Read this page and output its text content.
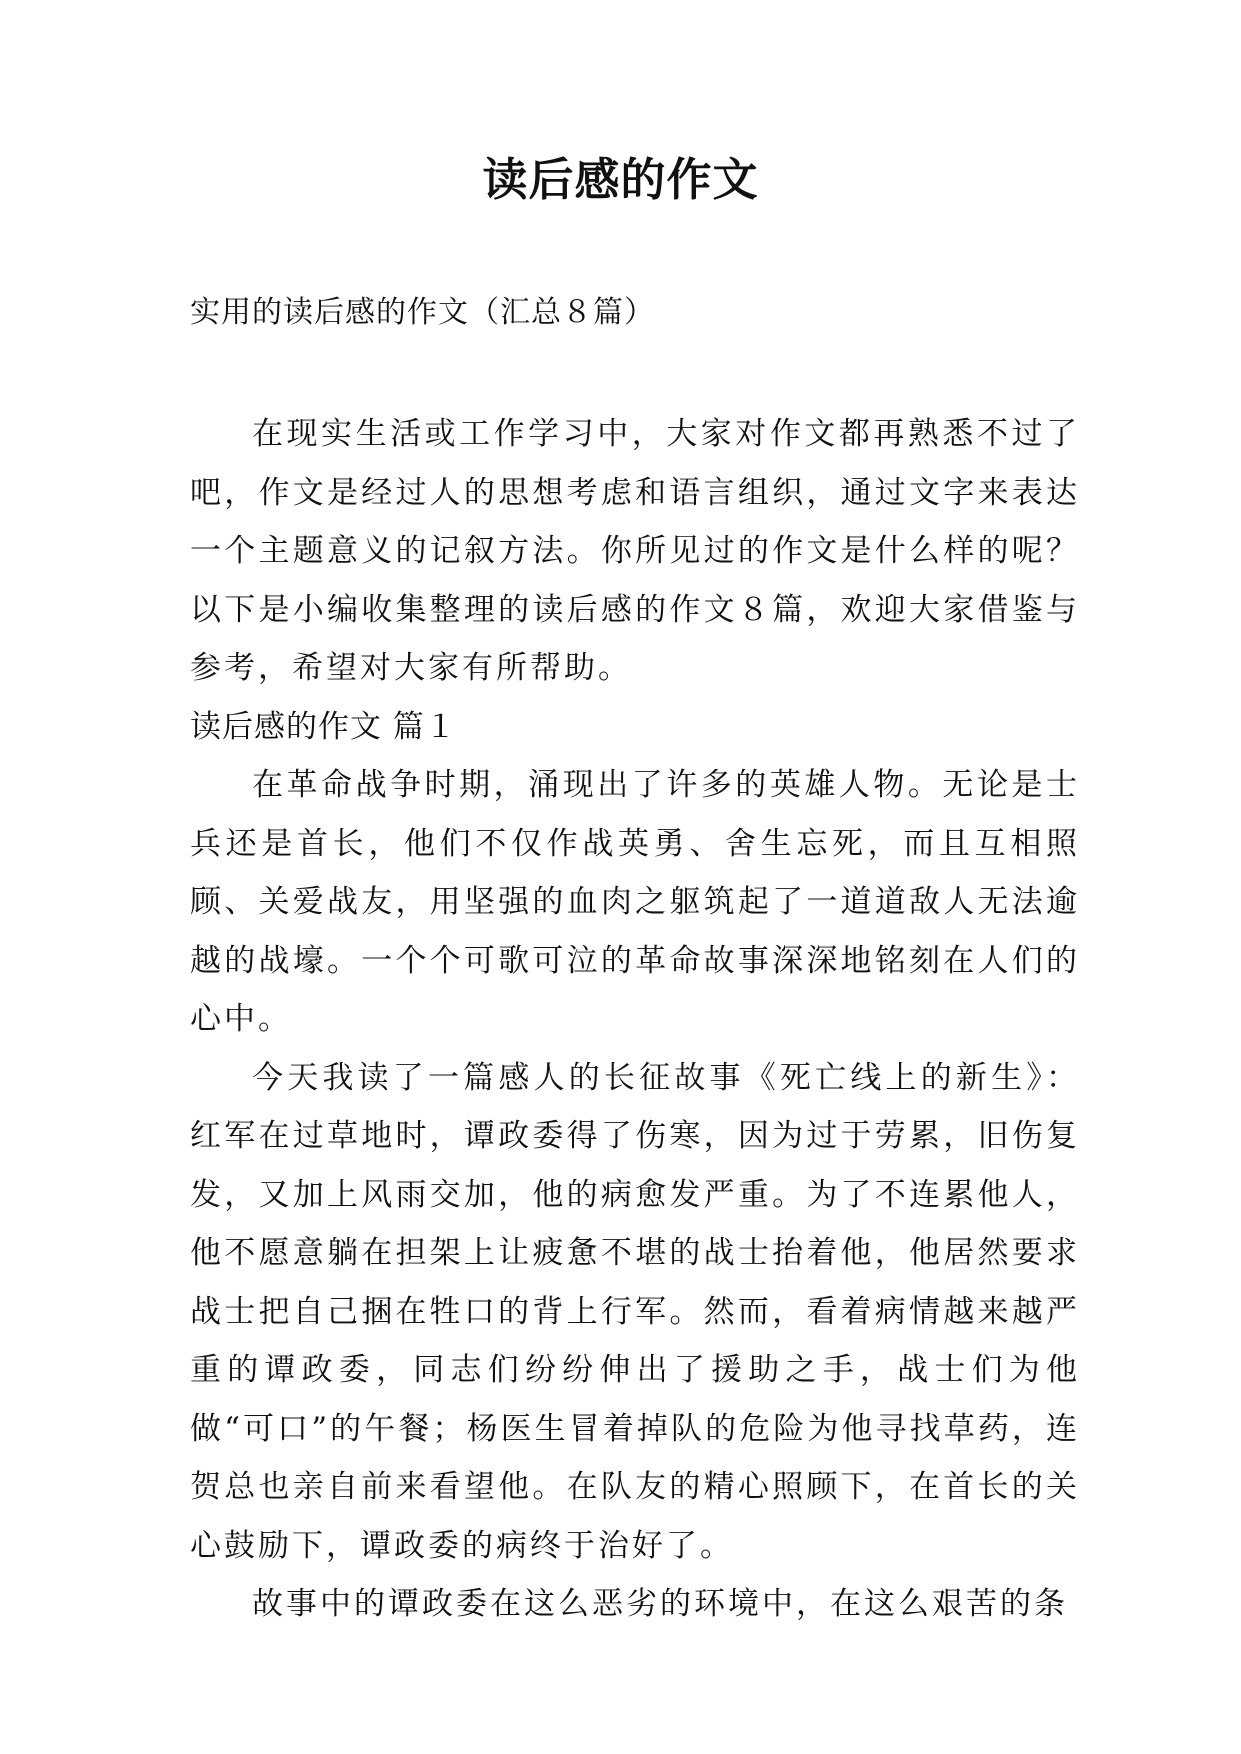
读后感的作文

实用的读后感的作文（汇总８篇）

在现实生活或工作学习中，大家对作文都再熟悉不过了吧，作文是经过人的思想考虑和语言组织，通过文字来表达一个主题意义的记叙方法。你所见过的作文是什么样的呢？以下是小编收集整理的读后感的作文８篇，欢迎大家借鉴与参考，希望对大家有所帮助。

读后感的作文 篇１

在革命战争时期，涌现出了许多的英雄人物。无论是士兵还是首长，他们不仅作战英勇、舍生忘死，而且互相照顾、关爱战友，用坚强的血肉之躯筑起了一道道敌人无法逾越的战壕。一个个可歌可泣的革命故事深深地铭刻在人们的心中。

今天我读了一篇感人的长征故事《死亡线上的新生》：红军在过草地时，谭政委得了伤寒，因为过于劳累，旧伤复发，又加上风雨交加，他的病愈发严重。为了不连累他人，他不愿意躺在担架上让疲惫不堪的战士抬着他，他居然要求战士把自己捆在牲口的背上行军。然而，看着病情越来越严重的谭政委，同志们纷纷伸出了援助之手，战士们为他做“可口”的午餐；杨医生冒着掉队的危险为他寻找草药，连贺总也亲自前来看望他。在队友的精心照顾下，在首长的关心鼓励下，谭政委的病终于治好了。

故事中的谭政委在这么恶劣的环境中，在这么艰苦的条
